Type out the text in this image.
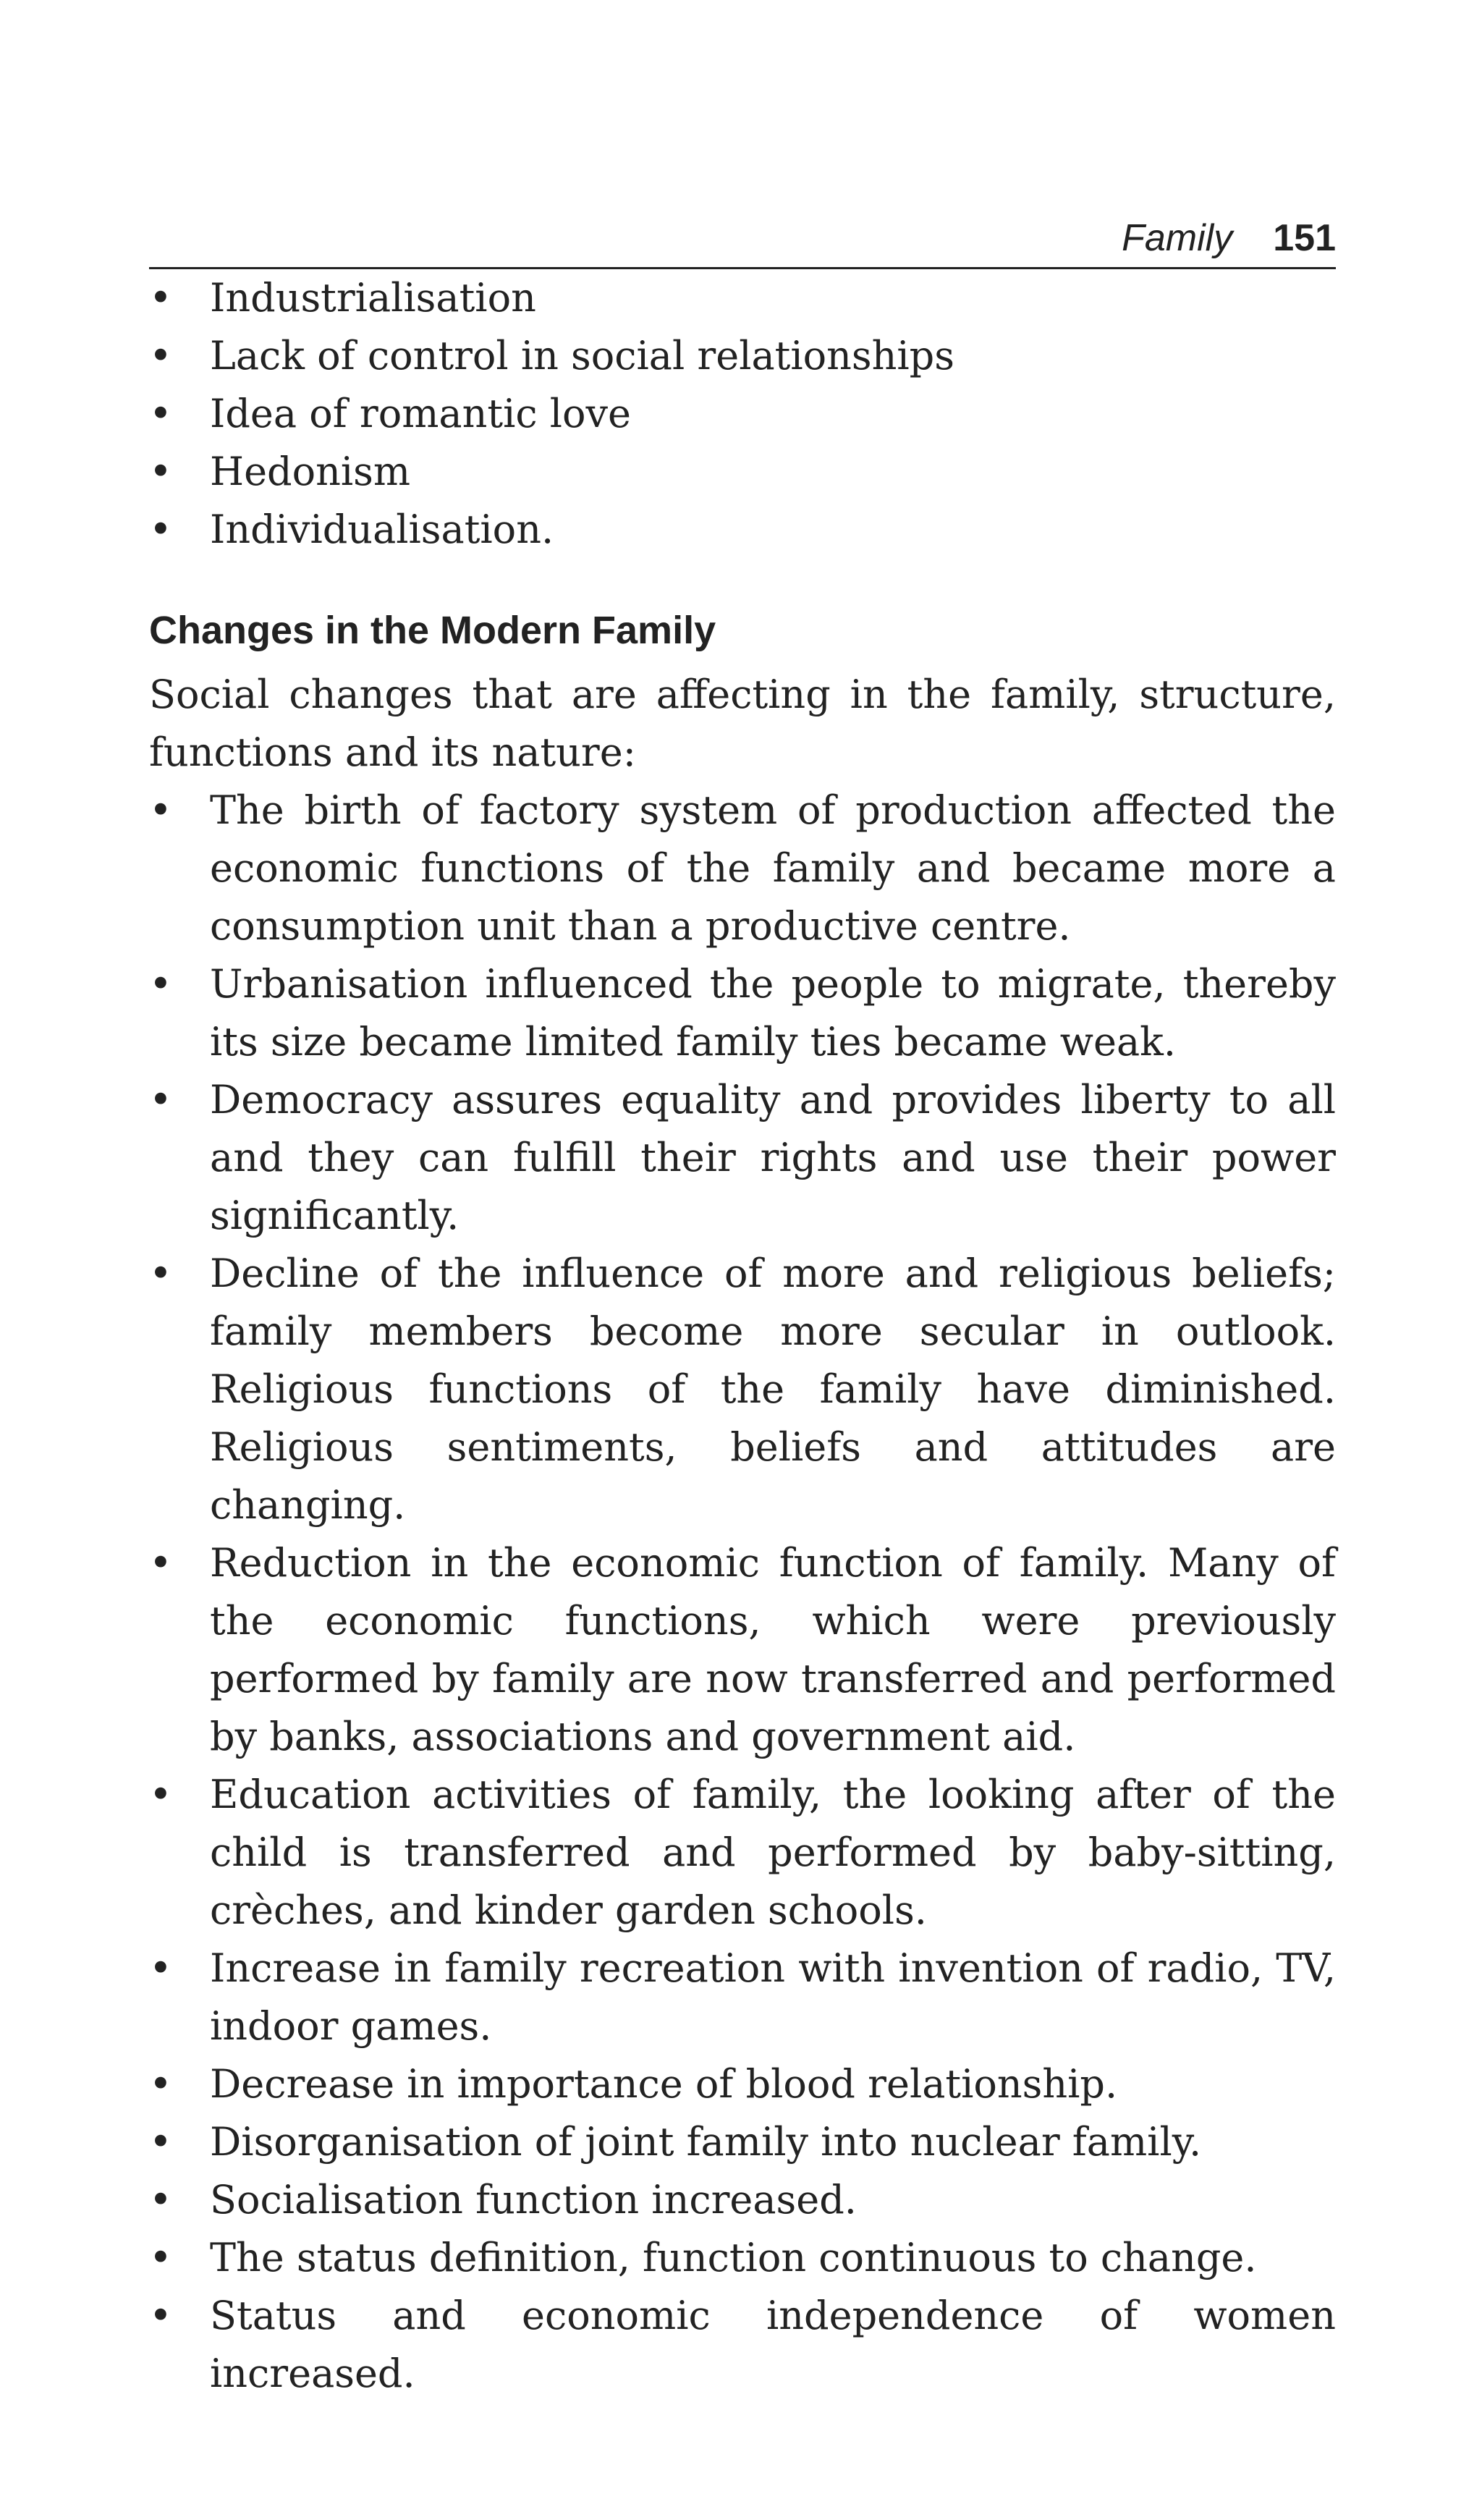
Family 151
• Industrialisation
• Lack of control in social relationships
• Idea of romantic love
• Hedonism
• Individualisation.
Changes in the Modern Family
Social changes that are affecting in the family, structure, functions and its nature:
• The birth of factory system of production affected the economic functions of the family and became more a consumption unit than a productive centre.
• Urbanisation influenced the people to migrate, thereby its size became limited family ties became weak.
• Democracy assures equality and provides liberty to all and they can fulfill their rights and use their power significantly.
• Decline of the influence of more and religious beliefs; family members become more secular in outlook. Religious functions of the family have diminished. Religious sentiments, beliefs and attitudes are changing.
• Reduction in the economic function of family. Many of the economic functions, which were previously performed by family are now transferred and performed by banks, associations and government aid.
• Education activities of family, the looking after of the child is transferred and performed by baby-sitting, crèches, and kinder garden schools.
• Increase in family recreation with invention of radio, TV, indoor games.
• Decrease in importance of blood relationship.
• Disorganisation of joint family into nuclear family.
• Socialisation function increased.
• The status definition, function continuous to change.
• Status and economic independence of women increased.
